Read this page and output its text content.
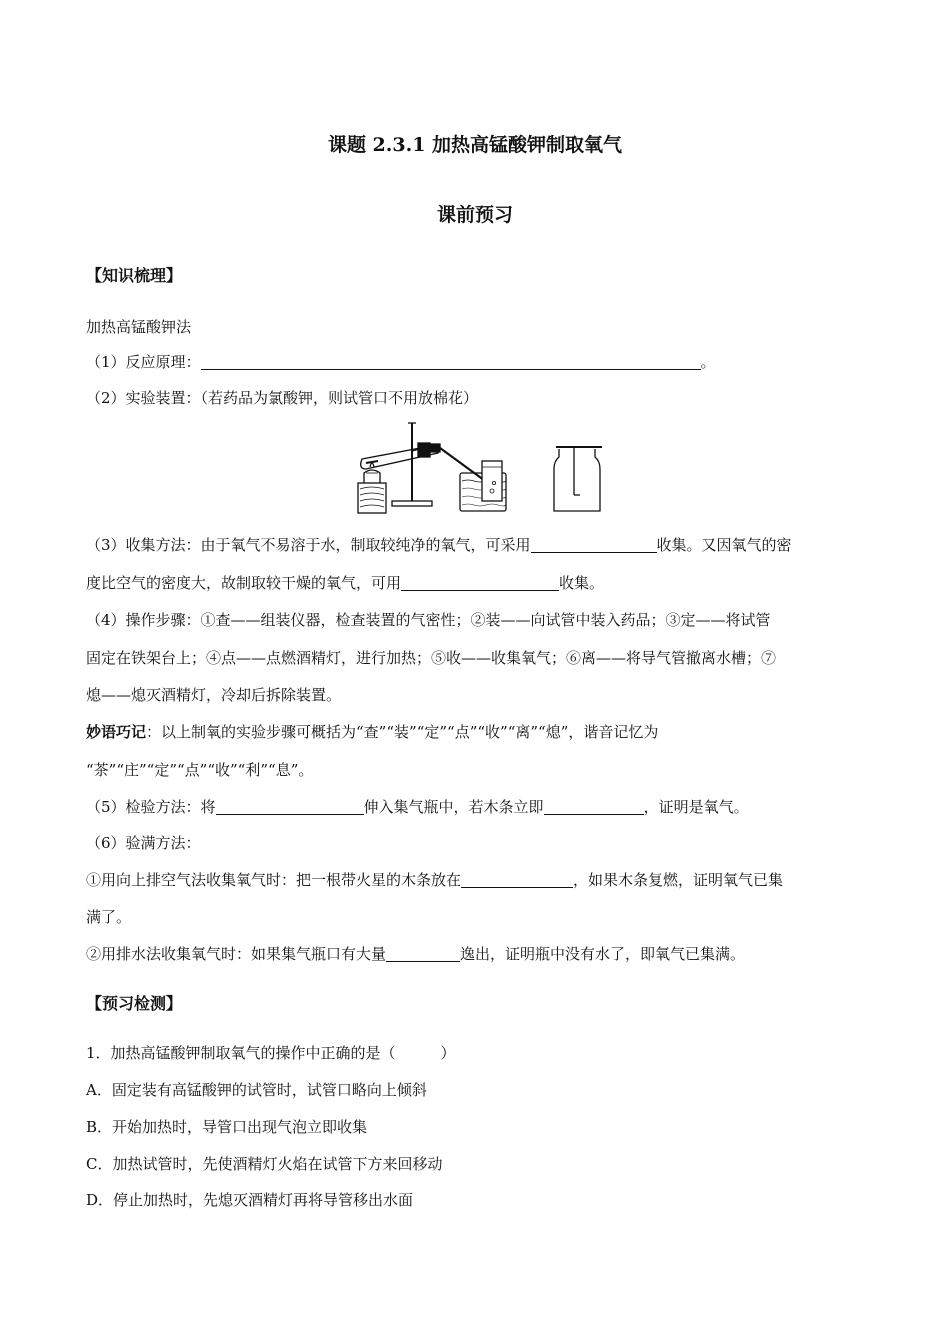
课题 2.3.1 加热高锰酸钾制取氧气
课前预习
【知识梳理】
加热高锰酸钾法
（1）反应原理：	。
（2）实验装置：（若药品为氯酸钾，则试管口不用放棉花）
（3）收集方法：由于氧气不易溶于水，制取较纯净的氧气，可采用	收集。又因氧气的密
度比空气的密度大，故制取较干燥的氧气，可用	收集。
（4）操作步骤：①查——组装仪器，检查装置的气密性；②装——向试管中装入药品；③定——将试管
固定在铁架台上；④点——点燃酒精灯，进行加热；⑤收——收集氧气；⑥离——将导气管撤离水槽；⑦
熄——熄灭酒精灯，冷却后拆除装置。
妙语巧记：以上制氧的实验步骤可概括为“查”“装”“定”“点”“收”“离”“熄”，谐音记忆为
“茶”“庄”“定”“点”“收”“利”“息”。
（5）检验方法：将	伸入集气瓶中，若木条立即	，证明是氧气。
（6）验满方法：
①用向上排空气法收集氧气时：把一根带火星的木条放在	，如果木条复燃，证明氧气已集
满了。
②用排水法收集氧气时：如果集气瓶口有大量	逸出，证明瓶中没有水了，即氧气已集满。
【预习检测】
1．加热高锰酸钾制取氧气的操作中正确的是（　　　）
A．固定装有高锰酸钾的试管时，试管口略向上倾斜
B．开始加热时，导管口出现气泡立即收集
C．加热试管时，先使酒精灯火焰在试管下方来回移动
D．停止加热时，先熄灭酒精灯再将导管移出水面
